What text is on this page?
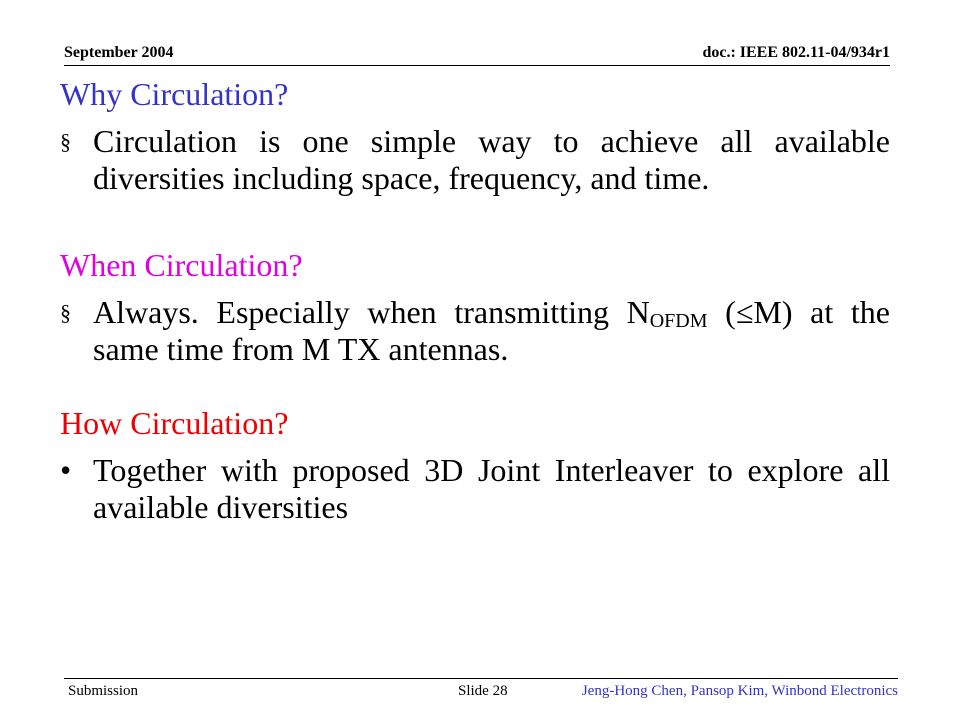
September 2004	doc.: IEEE 802.11-04/934r1

Why Circulation?

§ Circulation is one simple way to achieve all available diversities including space, frequency, and time.

When Circulation?

§ Always. Especially when transmitting $N_{OFDM}$ (≤M) at the same time from M TX antennas.

How Circulation?

• Together with proposed 3D Joint Interleaver to explore all available diversities
Submission	Slide 28	Jeng-Hong Chen, Pansop Kim, Winbond Electronics
